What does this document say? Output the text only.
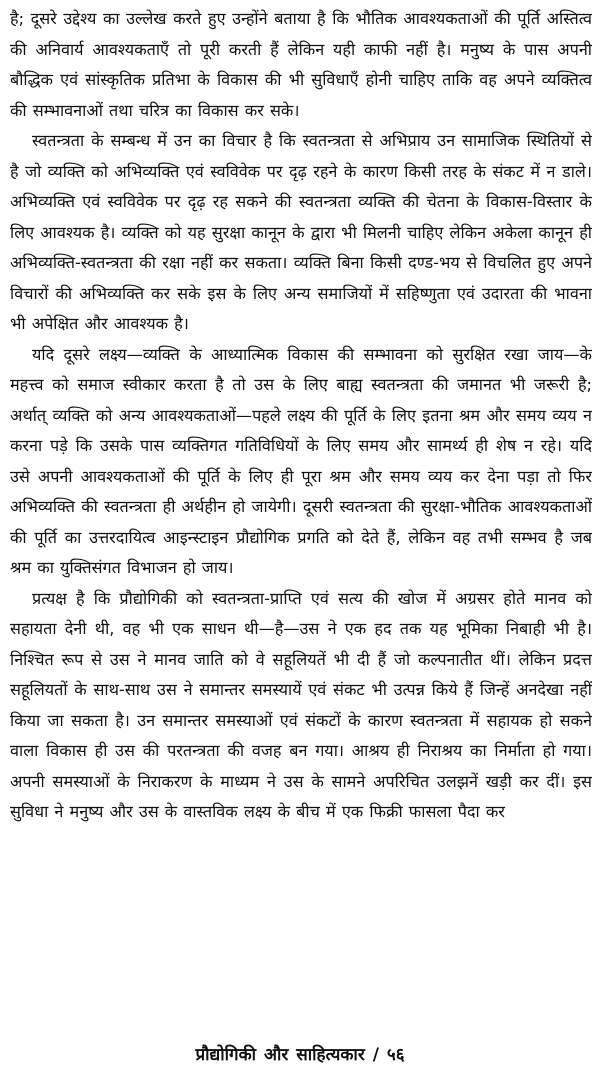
है; दूसरे उद्देश्य का उल्लेख करते हुए उन्होंने बताया है कि भौतिक आवश्यकताओं की पूर्ति अस्तित्व की अनिवार्य आवश्यकताएँ तो पूरी करती हैं लेकिन यही काफी नहीं है। मनुष्य के पास अपनी बौद्धिक एवं सांस्कृतिक प्रतिभा के विकास की भी सुविधाएँ होनी चाहिए ताकि वह अपने व्यक्तित्व की सम्भावनाओं तथा चरित्र का विकास कर सके।

स्वतन्त्रता के सम्बन्ध में उन का विचार है कि स्वतन्त्रता से अभिप्राय उन सामाजिक स्थितियों से है जो व्यक्ति को अभिव्यक्ति एवं स्वविवेक पर दृढ़ रहने के कारण किसी तरह के संकट में न डाले। अभिव्यक्ति एवं स्वविवेक पर दृढ़ रह सकने की स्वतन्त्रता व्यक्ति की चेतना के विकास-विस्तार के लिए आवश्यक है। व्यक्ति को यह सुरक्षा कानून के द्वारा भी मिलनी चाहिए लेकिन अकेला कानून ही अभिव्यक्ति-स्वतन्त्रता की रक्षा नहीं कर सकता। व्यक्ति बिना किसी दण्ड-भय से विचलित हुए अपने विचारों की अभिव्यक्ति कर सके इस के लिए अन्य समाजियों में सहिष्णुता एवं उदारता की भावना भी अपेक्षित और आवश्यक है।

यदि दूसरे लक्ष्य—व्यक्ति के आध्यात्मिक विकास की सम्भावना को सुरक्षित रखा जाय—के महत्त्व को समाज स्वीकार करता है तो उस के लिए बाह्य स्वतन्त्रता की जमानत भी जरूरी है; अर्थात् व्यक्ति को अन्य आवश्यकताओं—पहले लक्ष्य की पूर्ति के लिए इतना श्रम और समय व्यय न करना पड़े कि उसके पास व्यक्तिगत गतिविधियों के लिए समय और सामर्थ्य ही शेष न रहे। यदि उसे अपनी आवश्यकताओं की पूर्ति के लिए ही पूरा श्रम और समय व्यय कर देना पड़ा तो फिर अभिव्यक्ति की स्वतन्त्रता ही अर्थहीन हो जायेगी। दूसरी स्वतन्त्रता की सुरक्षा-भौतिक आवश्यकताओं की पूर्ति का उत्तरदायित्व आइन्स्टाइन प्रौद्योगिक प्रगति को देते हैं, लेकिन वह तभी सम्भव है जब श्रम का युक्तिसंगत विभाजन हो जाय।

प्रत्यक्ष है कि प्रौद्योगिकी को स्वतन्त्रता-प्राप्ति एवं सत्य की खोज में अग्रसर होते मानव को सहायता देनी थी, वह भी एक साधन थी—है—उस ने एक हद तक यह भूमिका निबाही भी है। निश्चित रूप से उस ने मानव जाति को वे सहूलियतें भी दी हैं जो कल्पनातीत थीं। लेकिन प्रदत्त सहूलियतों के साथ-साथ उस ने समान्तर समस्यायें एवं संकट भी उत्पन्न किये हैं जिन्हें अनदेखा नहीं किया जा सकता है। उन समान्तर समस्याओं एवं संकटों के कारण स्वतन्त्रता में सहायक हो सकने वाला विकास ही उस की परतन्त्रता की वजह बन गया। आश्रय ही निराश्रय का निर्माता हो गया। अपनी समस्याओं के निराकरण के माध्यम ने उस के सामने अपरिचित उलझनें खड़ी कर दीं। इस सुविधा ने मनुष्य और उस के वास्तविक लक्ष्य के बीच में एक फिक्री फासला पैदा कर

प्रौद्योगिकी और साहित्यकार / ५६
